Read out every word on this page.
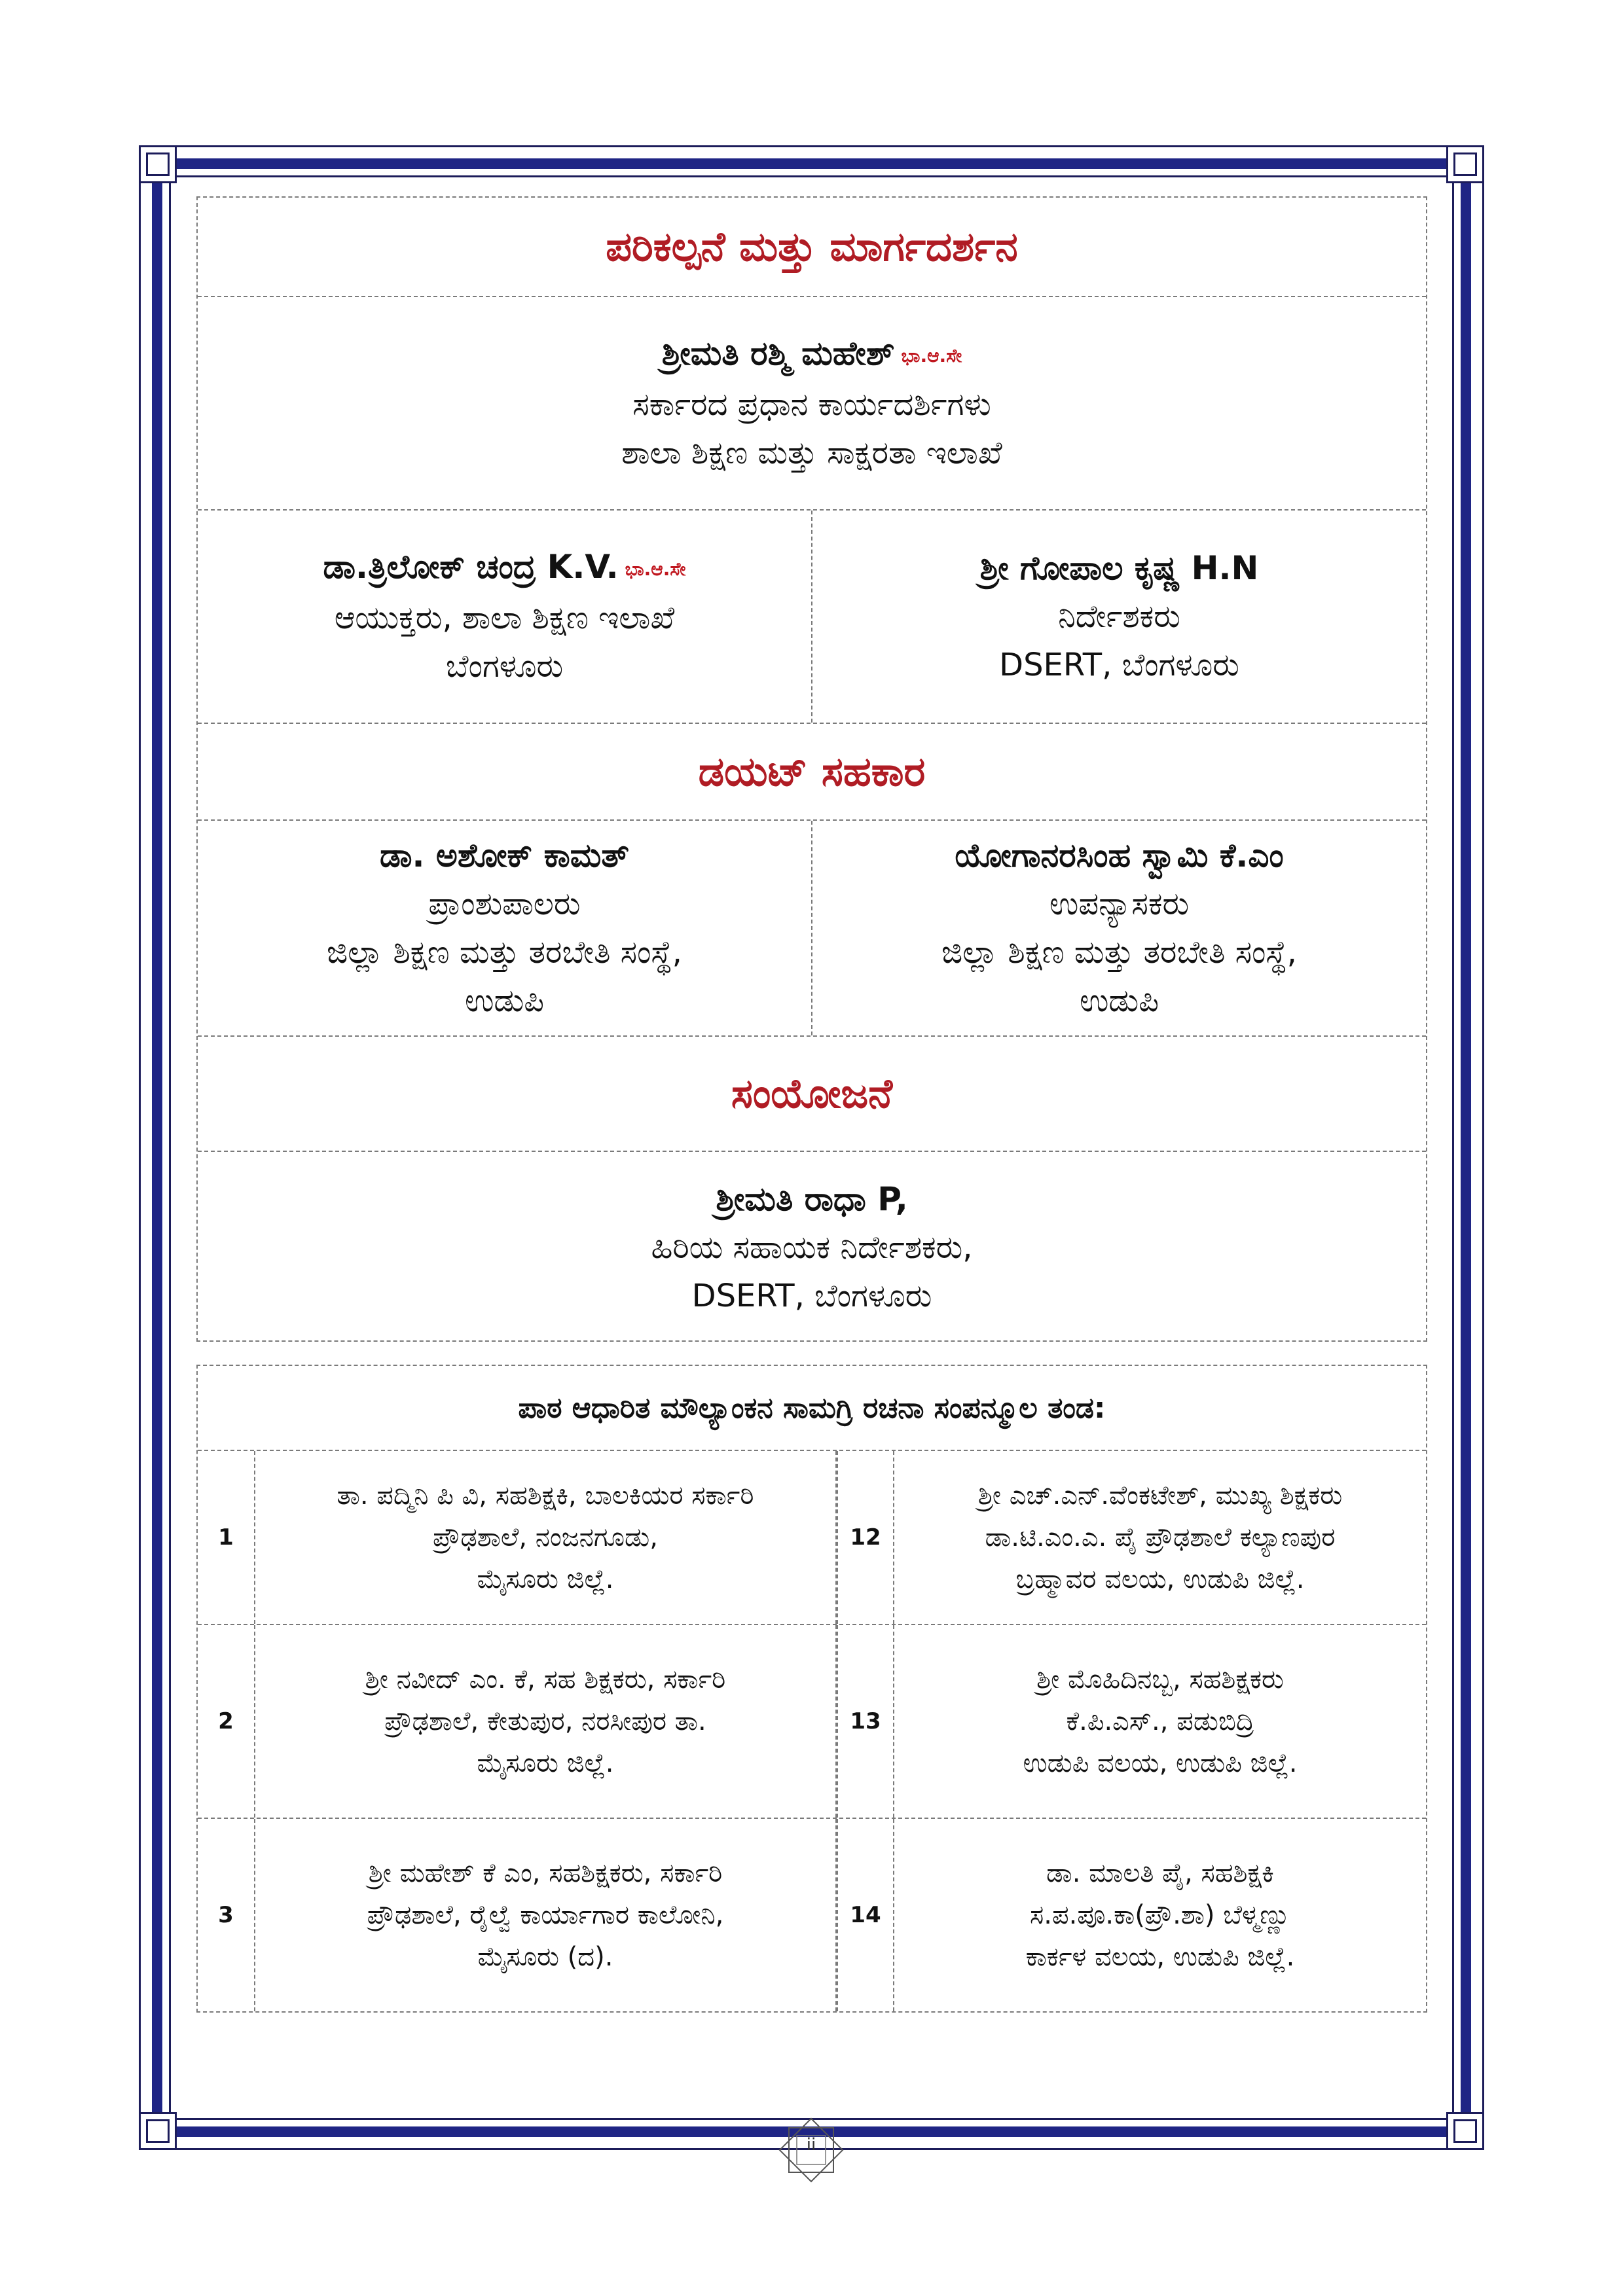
ಪರಿಕಲ್ಪನೆ ಮತ್ತು ಮಾರ್ಗದರ್ಶನ
ಶ್ರೀಮತಿ ರಶ್ಮಿ ಮಹೇಶ್ ಭಾ.ಆ.ಸೇ
ಸರ್ಕಾರದ ಪ್ರಧಾನ ಕಾರ್ಯದರ್ಶಿಗಳು
ಶಾಲಾ ಶಿಕ್ಷಣ ಮತ್ತು ಸಾಕ್ಷರತಾ ಇಲಾಖೆ
ಡಾ.ತ್ರಿಲೋಕ್ ಚಂದ್ರ K.V. ಭಾ.ಆ.ಸೇ
ಆಯುಕ್ತರು, ಶಾಲಾ ಶಿಕ್ಷಣ ಇಲಾಖೆ
ಬೆಂಗಳೂರು
ಶ್ರೀ ಗೋಪಾಲ ಕೃಷ್ಣ H.N
ನಿರ್ದೇಶಕರು
DSERT, ಬೆಂಗಳೂರು
ಡಯಟ್ ಸಹಕಾರ
ಡಾ. ಅಶೋಕ್ ಕಾಮತ್
ಪ್ರಾಂಶುಪಾಲರು
ಜಿಲ್ಲಾ ಶಿಕ್ಷಣ ಮತ್ತು ತರಬೇತಿ ಸಂಸ್ಥೆ,
ಉಡುಪಿ
ಯೋಗಾನರಸಿಂಹ ಸ್ವಾಮಿ ಕೆ.ಎಂ
ಉಪನ್ಯಾಸಕರು
ಜಿಲ್ಲಾ ಶಿಕ್ಷಣ ಮತ್ತು ತರಬೇತಿ ಸಂಸ್ಥೆ,
ಉಡುಪಿ
ಸಂಯೋಜನೆ
ಶ್ರೀಮತಿ ರಾಧಾ P,
ಹಿರಿಯ ಸಹಾಯಕ ನಿರ್ದೇಶಕರು,
DSERT, ಬೆಂಗಳೂರು
ಪಾಠ ಆಧಾರಿತ ಮೌಲ್ಯಾಂಕನ ಸಾಮಗ್ರಿ ರಚನಾ ಸಂಪನ್ಮೂಲ ತಂಡ:
1
ತಾ. ಪದ್ಮಿನಿ ಪಿ ವಿ, ಸಹಶಿಕ್ಷಕಿ, ಬಾಲಕಿಯರ ಸರ್ಕಾರಿ
ಪ್ರೌಢಶಾಲೆ, ನಂಜನಗೂಡು,
ಮೈಸೂರು ಜಿಲ್ಲೆ.
12
ಶ್ರೀ ಎಚ್.ಎನ್.ವೆಂಕಟೇಶ್, ಮುಖ್ಯ ಶಿಕ್ಷಕರು
ಡಾ.ಟಿ.ಎಂ.ಎ. ಪೈ ಪ್ರೌಢಶಾಲೆ ಕಲ್ಯಾಣಪುರ
ಬ್ರಹ್ಮಾವರ ವಲಯ, ಉಡುಪಿ ಜಿಲ್ಲೆ.
2
ಶ್ರೀ ನವೀದ್ ಎಂ. ಕೆ, ಸಹ ಶಿಕ್ಷಕರು, ಸರ್ಕಾರಿ
ಪ್ರೌಢಶಾಲೆ, ಕೇತುಪುರ, ನರಸೀಪುರ ತಾ.
ಮೈಸೂರು ಜಿಲ್ಲೆ.
13
ಶ್ರೀ ಮೊಹಿದಿನಬ್ಬ, ಸಹಶಿಕ್ಷಕರು
ಕೆ.ಪಿ.ಎಸ್., ಪಡುಬಿದ್ರಿ
ಉಡುಪಿ ವಲಯ, ಉಡುಪಿ ಜಿಲ್ಲೆ.
3
ಶ್ರೀ ಮಹೇಶ್ ಕೆ ಎಂ, ಸಹಶಿಕ್ಷಕರು, ಸರ್ಕಾರಿ
ಪ್ರೌಢಶಾಲೆ, ರೈಲ್ವೆ ಕಾರ್ಯಾಗಾರ ಕಾಲೋನಿ,
ಮೈಸೂರು (ದ).
14
ಡಾ. ಮಾಲತಿ ಪೈ, ಸಹಶಿಕ್ಷಕಿ
ಸ.ಪ.ಪೂ.ಕಾ(ಪ್ರೌ.ಶಾ) ಬೆಳ್ಮಣ್ಣು
ಕಾರ್ಕಳ ವಲಯ, ಉಡುಪಿ ಜಿಲ್ಲೆ.
ii
